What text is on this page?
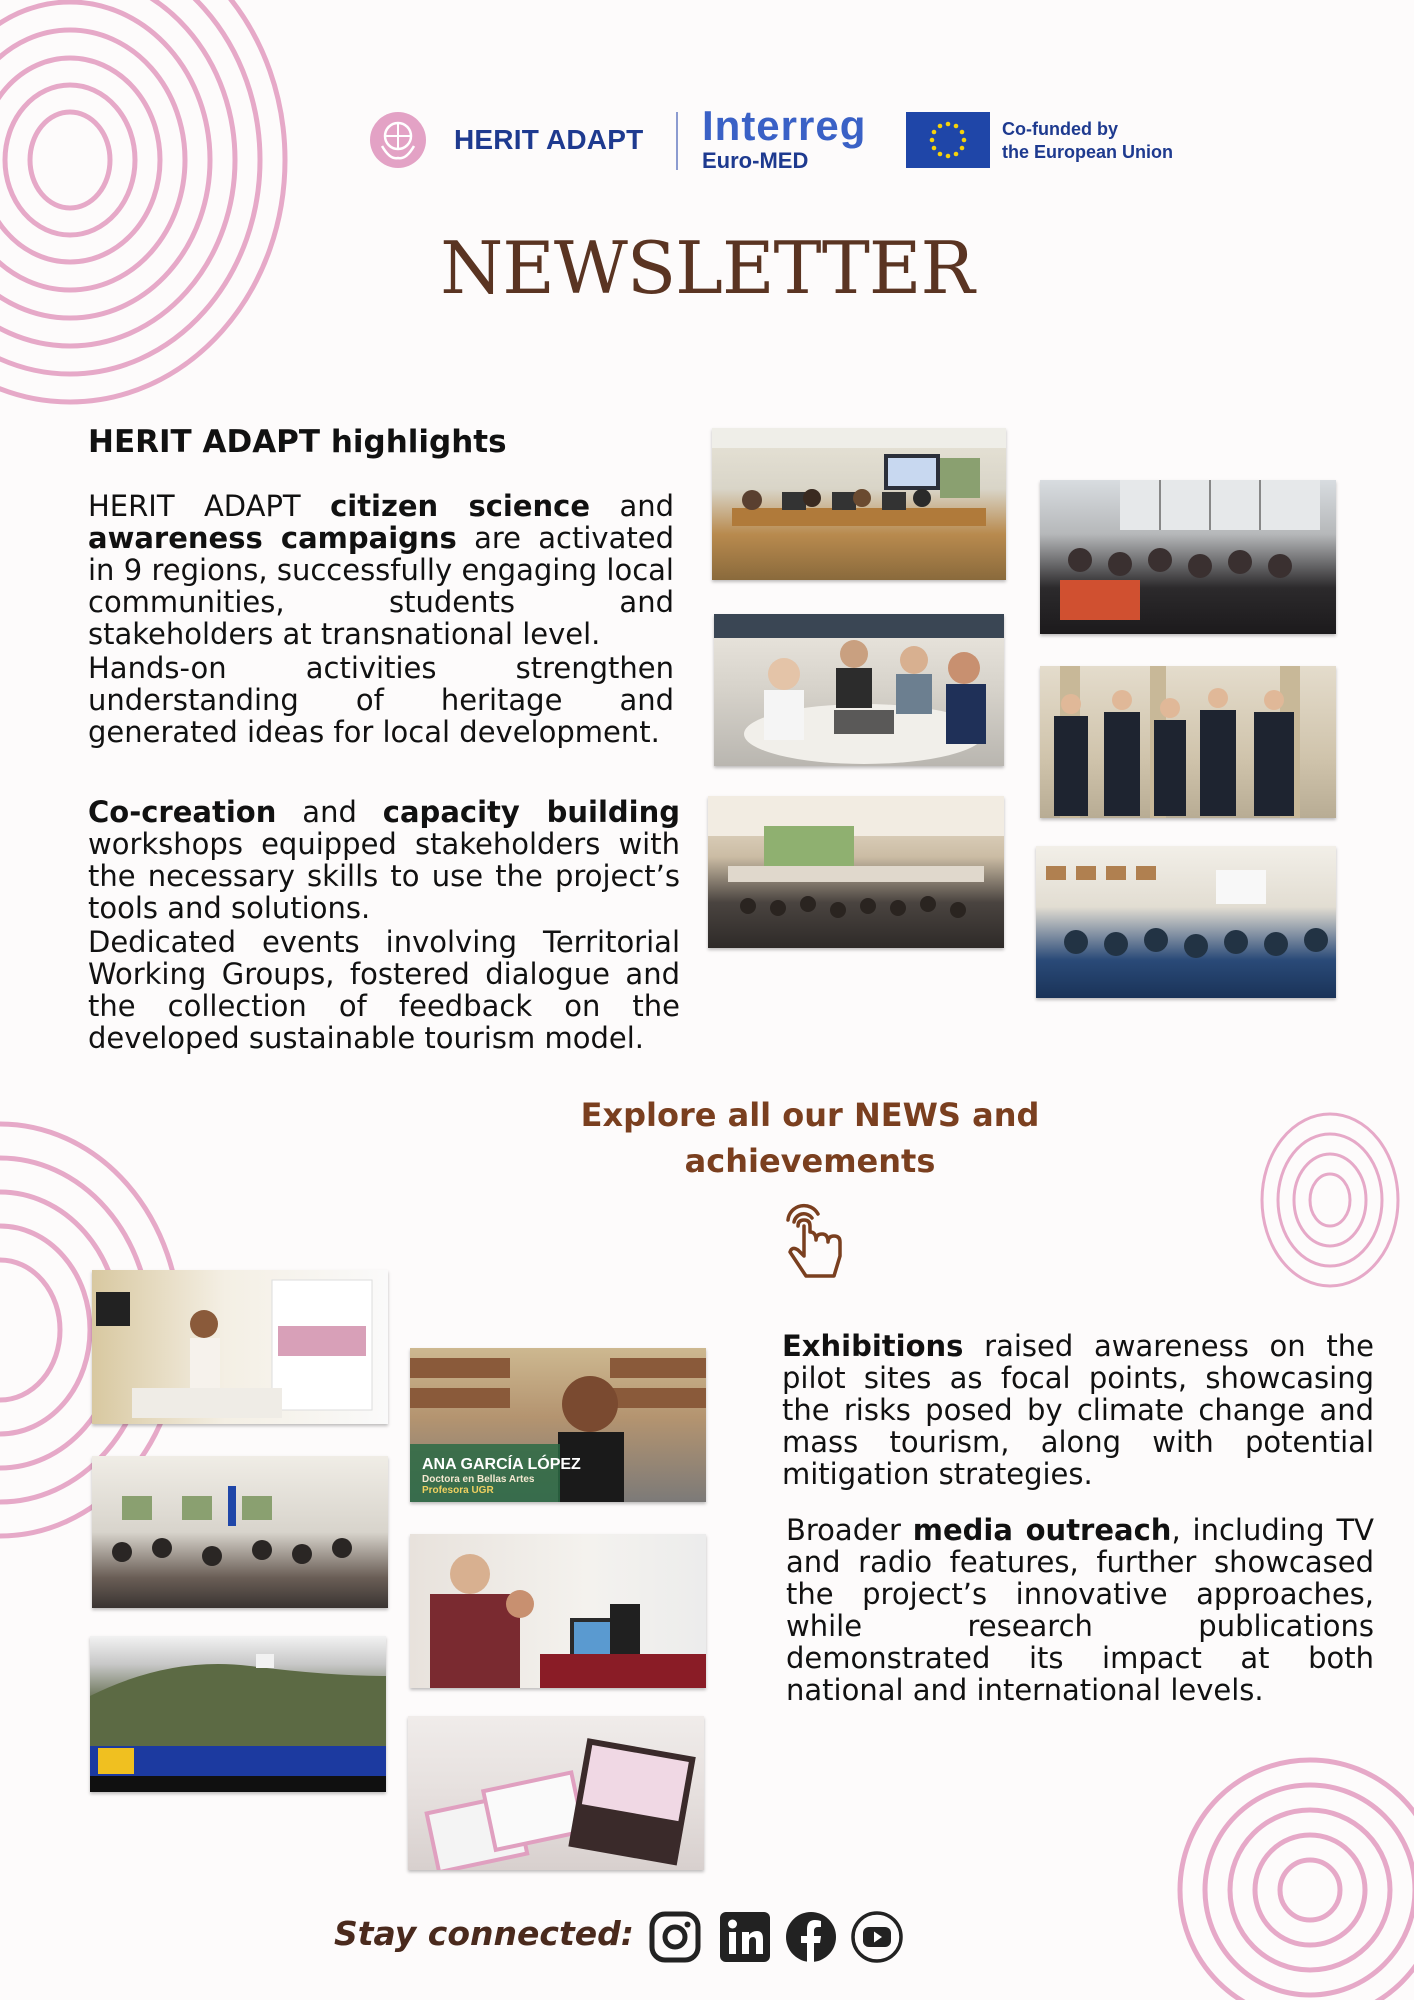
HERIT ADAPT Interreg
Euro-MED
Co-funded by
the European Union
NEWSLETTER
HERIT ADAPT highlights

HERIT ADAPT citizen science and awareness campaigns are activated in 9 regions, successfully engaging local communities, students and stakeholders at transnational level.

Hands-on activities strengthen understanding of heritage and generated ideas for local development.

Co-creation and capacity building workshops equipped stakeholders with the necessary skills to use the project’s tools and solutions.

Dedicated events involving Territorial Working Groups, fostered dialogue and the collection of feedback on the developed sustainable tourism model.

Explore all our NEWS and achievements
ANA GARCÍA LÓPEZ
Doctora en Bellas Artes
Profesora UGR

Exhibitions raised awareness on the pilot sites as focal points, showcasing the risks posed by climate change and mass tourism, along with potential mitigation strategies.

Broader media outreach, including TV and radio features, further showcased the project’s innovative approaches, while research publications demonstrated its impact at both national and international levels.

Stay connected:
